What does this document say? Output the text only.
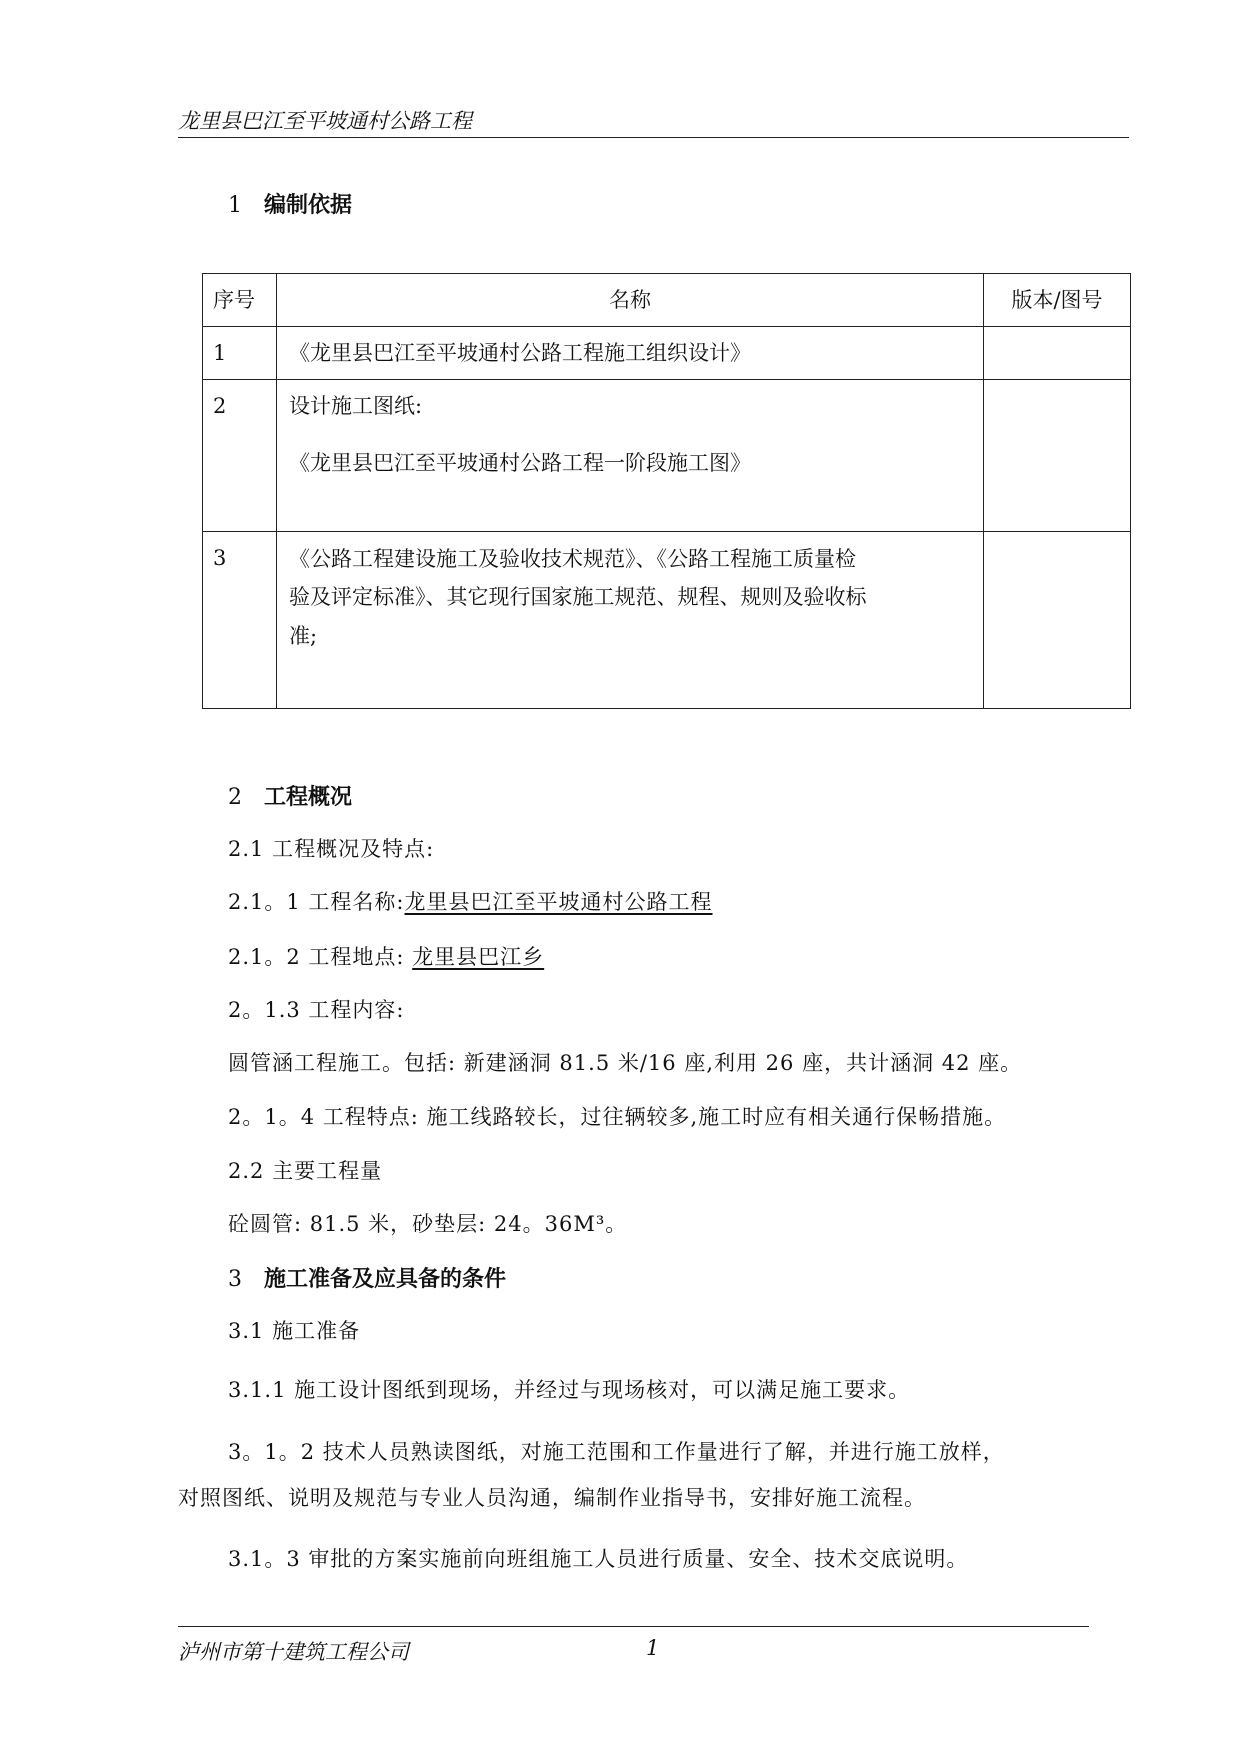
龙里县巴江至平坡通村公路工程
1 编制依据
序号	名称	版本/图号
1	《龙里县巴江至平坡通村公路工程施工组织设计》	
2	设计施工图纸:
《龙里县巴江至平坡通村公路工程一阶段施工图》	

3	《公路工程建设施工及验收技术规范》、《公路工程施工质量检
验及评定标准》、其它现行国家施工规范、规程、规则及验收标
准;	

2 工程概况
2.1 工程概况及特点:
2.1。1 工程名称:龙里县巴江至平坡通村公路工程
2.1。2 工程地点: 龙里县巴江乡
2。1.3 工程内容:
圆管涵工程施工。包括: 新建涵洞 81.5 米/16 座,利用 26 座，共计涵洞 42 座。
2。1。4 工程特点: 施工线路较长，过往辆较多,施工时应有相关通行保畅措施。
2.2 主要工程量
砼圆管: 81.5 米，砂垫层: 24。36M³。
3 施工准备及应具备的条件
3.1 施工准备
3.1.1 施工设计图纸到现场，并经过与现场核对，可以满足施工要求。
3。1。2 技术人员熟读图纸，对施工范围和工作量进行了解，并进行施工放样，
对照图纸、说明及规范与专业人员沟通，编制作业指导书，安排好施工流程。
3.1。3 审批的方案实施前向班组施工人员进行质量、安全、技术交底说明。
泸州市第十建筑工程公司	1
